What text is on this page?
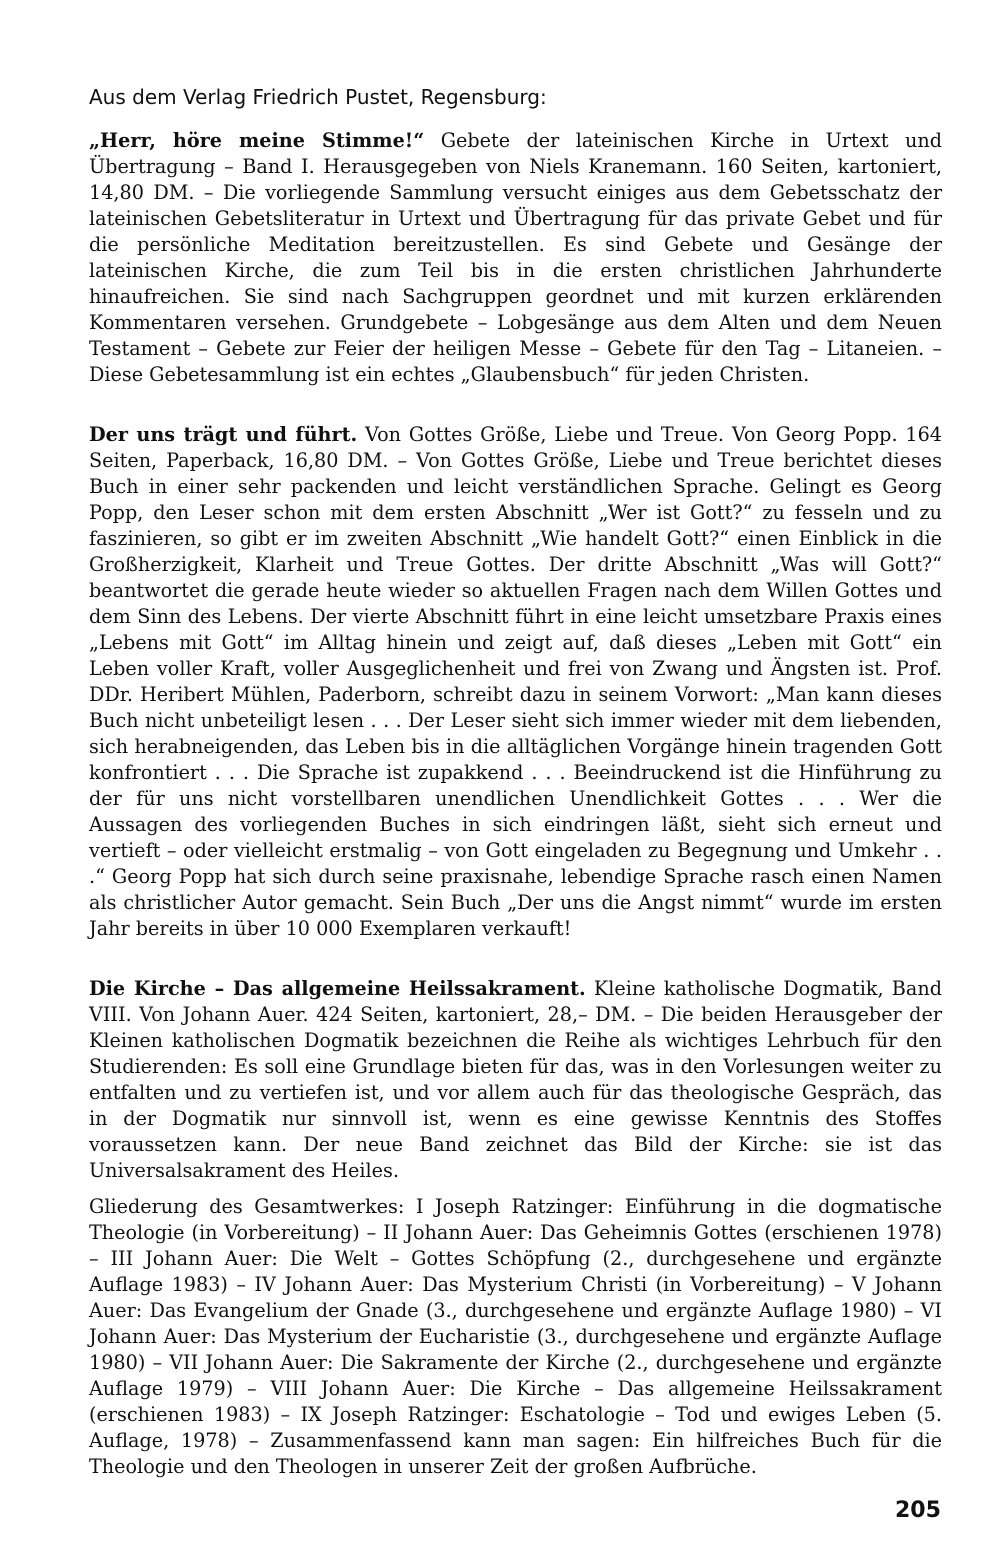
Aus dem Verlag Friedrich Pustet, Regensburg:

„Herr, höre meine Stimme!“ Gebete der lateinischen Kirche in Urtext und Übertragung – Band I. Herausgegeben von Niels Kranemann. 160 Seiten, kartoniert, 14,80 DM. – Die vorliegende Sammlung versucht einiges aus dem Gebetsschatz der lateinischen Gebetsliteratur in Urtext und Übertragung für das private Gebet und für die persönliche Meditation bereitzustellen. Es sind Gebete und Gesänge der lateinischen Kirche, die zum Teil bis in die ersten christlichen Jahrhunderte hinaufreichen. Sie sind nach Sachgruppen geordnet und mit kurzen erklärenden Kommentaren versehen. Grundgebete – Lobgesänge aus dem Alten und dem Neuen Testament – Gebete zur Feier der heiligen Messe – Gebete für den Tag – Litaneien. – Diese Gebetesammlung ist ein echtes „Glaubensbuch“ für jeden Christen.

Der uns trägt und führt. Von Gottes Größe, Liebe und Treue. Von Georg Popp. 164 Seiten, Paperback, 16,80 DM. – Von Gottes Größe, Liebe und Treue berichtet dieses Buch in einer sehr packenden und leicht verständlichen Sprache. Gelingt es Georg Popp, den Leser schon mit dem ersten Abschnitt „Wer ist Gott?“ zu fesseln und zu faszinieren, so gibt er im zweiten Abschnitt „Wie handelt Gott?“ einen Einblick in die Großherzigkeit, Klarheit und Treue Gottes. Der dritte Abschnitt „Was will Gott?“ beantwortet die gerade heute wieder so aktuellen Fragen nach dem Willen Gottes und dem Sinn des Lebens. Der vierte Abschnitt führt in eine leicht umsetzbare Praxis eines „Lebens mit Gott“ im Alltag hinein und zeigt auf, daß dieses „Leben mit Gott“ ein Leben voller Kraft, voller Ausgeglichenheit und frei von Zwang und Ängsten ist. Prof. DDr. Heribert Mühlen, Paderborn, schreibt dazu in seinem Vorwort: „Man kann dieses Buch nicht unbeteiligt lesen . . . Der Leser sieht sich immer wieder mit dem liebenden, sich herabneigenden, das Leben bis in die alltäglichen Vorgänge hinein tragenden Gott konfrontiert . . . Die Sprache ist zupakkend . . . Beeindruckend ist die Hinführung zu der für uns nicht vorstellbaren unendlichen Unendlichkeit Gottes . . . Wer die Aussagen des vorliegenden Buches in sich eindringen läßt, sieht sich erneut und vertieft – oder vielleicht erstmalig – von Gott eingeladen zu Begegnung und Umkehr . . .“ Georg Popp hat sich durch seine praxisnahe, lebendige Sprache rasch einen Namen als christlicher Autor gemacht. Sein Buch „Der uns die Angst nimmt“ wurde im ersten Jahr bereits in über 10 000 Exemplaren verkauft!

Die Kirche – Das allgemeine Heilssakrament. Kleine katholische Dogmatik, Band VIII. Von Johann Auer. 424 Seiten, kartoniert, 28,– DM. – Die beiden Herausgeber der Kleinen katholischen Dogmatik bezeichnen die Reihe als wichtiges Lehrbuch für den Studierenden: Es soll eine Grundlage bieten für das, was in den Vorlesungen weiter zu entfalten und zu vertiefen ist, und vor allem auch für das theologische Gespräch, das in der Dogmatik nur sinnvoll ist, wenn es eine gewisse Kenntnis des Stoffes voraussetzen kann. Der neue Band zeichnet das Bild der Kirche: sie ist das Universalsakrament des Heiles.

Gliederung des Gesamtwerkes: I Joseph Ratzinger: Einführung in die dogmatische Theologie (in Vorbereitung) – II Johann Auer: Das Geheimnis Gottes (erschienen 1978) – III Johann Auer: Die Welt – Gottes Schöpfung (2., durchgesehene und ergänzte Auflage 1983) – IV Johann Auer: Das Mysterium Christi (in Vorbereitung) – V Johann Auer: Das Evangelium der Gnade (3., durchgesehene und ergänzte Auflage 1980) – VI Johann Auer: Das Mysterium der Eucharistie (3., durchgesehene und ergänzte Auflage 1980) – VII Johann Auer: Die Sakramente der Kirche (2., durchgesehene und ergänzte Auflage 1979) – VIII Johann Auer: Die Kirche – Das allgemeine Heilssakrament (erschienen 1983) – IX Joseph Ratzinger: Eschatologie – Tod und ewiges Leben (5. Auflage, 1978) – Zusammenfassend kann man sagen: Ein hilfreiches Buch für die Theologie und den Theologen in unserer Zeit der großen Aufbrüche.

205
